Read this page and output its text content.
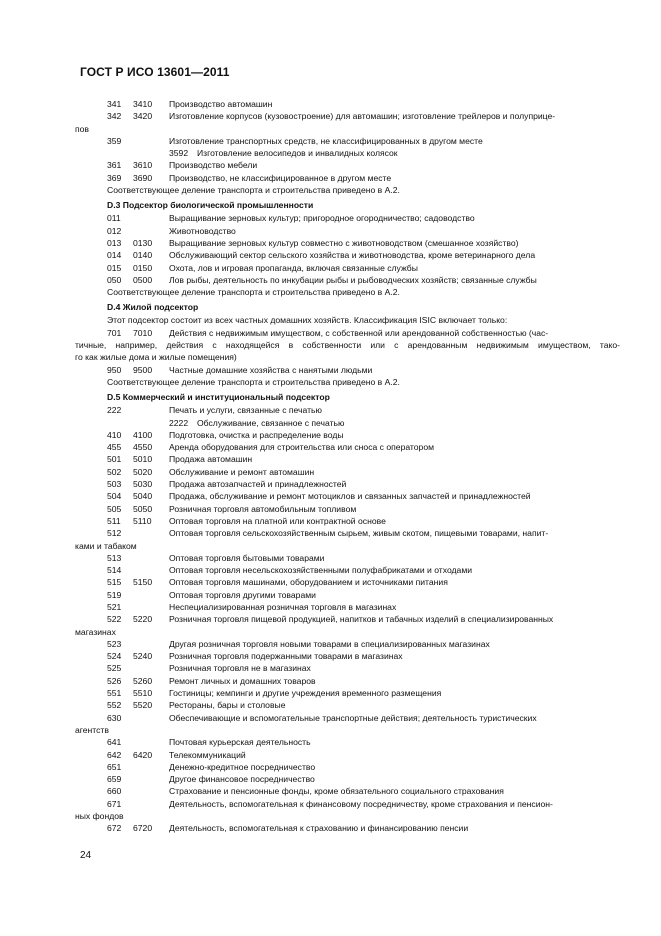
ГОСТ Р ИСО 13601—2011
341 3410 Производство автомашин
342 3420 Изготовление корпусов (кузовостроение) для автомашин; изготовление трейлеров и полуприце-
пов
359	Изготовление транспортных средств, не классифицированных в другом месте
3592 Изготовление велосипедов и инвалидных колясок
361 3610 Производство мебели
369 3690 Производство, не классифицированное в другом месте
Соответствующее деление транспорта и строительства приведено в А.2.
D.3 Подсектор биологической промышленности
011	Выращивание зерновых культур; пригородное огородничество; садоводство
012	Животноводство
013 0130 Выращивание зерновых культур совместно с животноводством (смешанное хозяйство)
014 0140 Обслуживающий сектор сельского хозяйства и животноводства, кроме ветеринарного дела
015 0150 Охота, лов и игровая пропаганда, включая связанные службы
050 0500 Лов рыбы, деятельность по инкубации рыбы и рыбоводческих хозяйств; связанные службы
Соответствующее деление транспорта и строительства приведено в А.2.
D.4 Жилой подсектор
Этот подсектор состоит из всех частных домашних хозяйств. Классификация ISIC включает только:
701 7010 Действия с недвижимым имуществом, с собственной или арендованной собственностью (час-
тичные, например, действия с находящейся в собственности или с арендованным недвижимым имуществом, тако-
го как жилые дома и жилые помещения)
950 9500 Частные домашние хозяйства с нанятыми людьми
Соответствующее деление транспорта и строительства приведено в А.2.
D.5 Коммерческий и институциональный подсектор
222	Печать и услуги, связанные с печатью
2222 Обслуживание, связанное с печатью
410 4100 Подготовка, очистка и распределение воды
455 4550 Аренда оборудования для строительства или сноса с оператором
501 5010 Продажа автомашин
502 5020 Обслуживание и ремонт автомашин
503 5030 Продажа автозапчастей и принадлежностей
504 5040 Продажа, обслуживание и ремонт мотоциклов и связанных запчастей и принадлежностей
505 5050 Розничная торговля автомобильным топливом
511 5110 Оптовая торговля на платной или контрактной основе
512	Оптовая торговля сельскохозяйственным сырьем, живым скотом, пищевыми товарами, напит-
ками и табаком
513	Оптовая торговля бытовыми товарами
514	Оптовая торговля несельскохозяйственными полуфабрикатами и отходами
515 5150 Оптовая торговля машинами, оборудованием и источниками питания
519	Оптовая торговля другими товарами
521	Неспециализированная розничная торговля в магазинах
522 5220 Розничная торговля пищевой продукцией, напитков и табачных изделий в специализированных
магазинах
523	Другая розничная торговля новыми товарами в специализированных магазинах
524 5240 Розничная торговля подержанными товарами в магазинах
525	Розничная торговля не в магазинах
526 5260 Ремонт личных и домашних товаров
551 5510 Гостиницы; кемпинги и другие учреждения временного размещения
552 5520 Рестораны, бары и столовые
630	Обеспечивающие и вспомогательные транспортные действия; деятельность туристических
агентств
641	Почтовая курьерская деятельность
642 6420 Телекоммуникаций
651	Денежно-кредитное посредничество
659	Другое финансовое посредничество
660	Страхование и пенсионные фонды, кроме обязательного социального страхования
671	Деятельность, вспомогательная к финансовому посредничеству, кроме страхования и пенсион-
ных фондов
672 6720 Деятельность, вспомогательная к страхованию и финансированию пенсии
24
